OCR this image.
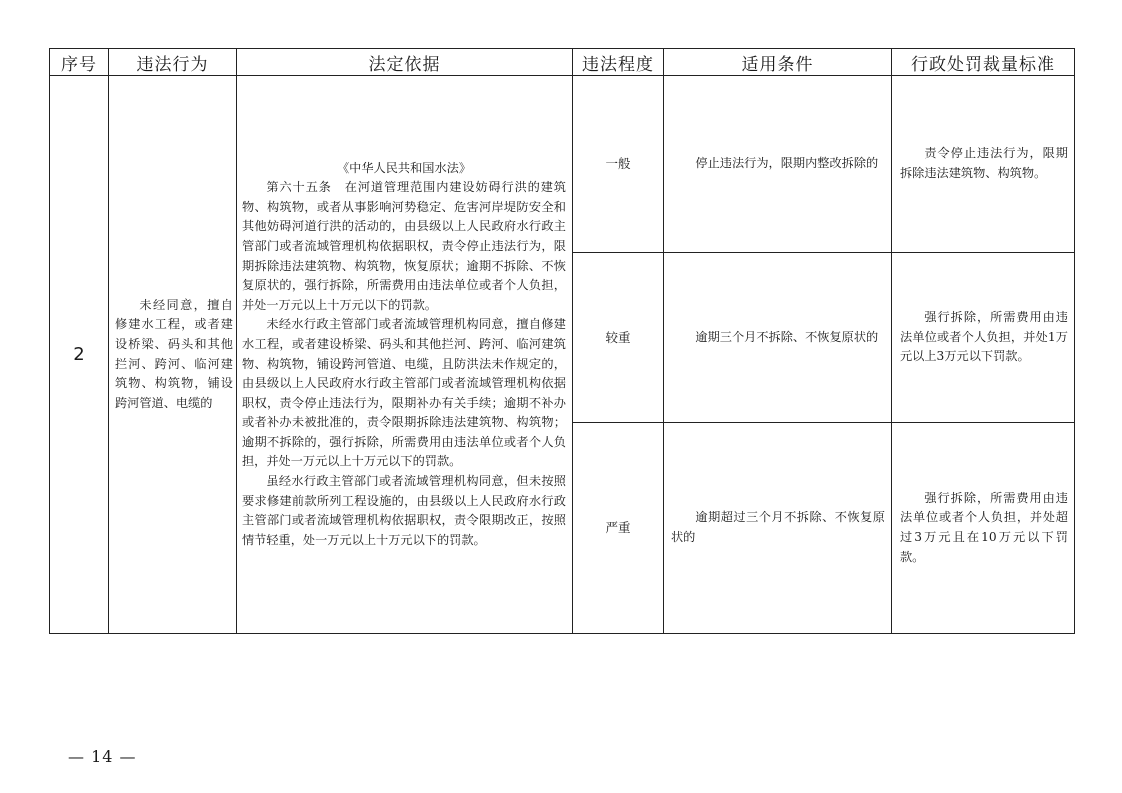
序号	违法行为	法定依据	违法程度	适用条件	行政处罚裁量标准
2	未经同意，擅自修建水工程，或者建设桥梁、码头和其他拦河、跨河、临河建筑物、构筑物，铺设跨河管道、电缆的	《中华人民共和国水法》

第六十五条　在河道管理范围内建设妨碍行洪的建筑物、构筑物，或者从事影响河势稳定、危害河岸堤防安全和其他妨碍河道行洪的活动的，由县级以上人民政府水行政主管部门或者流域管理机构依据职权，责令停止违法行为，限期拆除违法建筑物、构筑物，恢复原状；逾期不拆除、不恢复原状的，强行拆除，所需费用由违法单位或者个人负担，并处一万元以上十万元以下的罚款。

未经水行政主管部门或者流域管理机构同意，擅自修建水工程，或者建设桥梁、码头和其他拦河、跨河、临河建筑物、构筑物，铺设跨河管道、电缆，且防洪法未作规定的，由县级以上人民政府水行政主管部门或者流域管理机构依据职权，责令停止违法行为，限期补办有关手续；逾期不补办或者补办未被批准的，责令限期拆除违法建筑物、构筑物；逾期不拆除的，强行拆除，所需费用由违法单位或者个人负担，并处一万元以上十万元以下的罚款。

虽经水行政主管部门或者流域管理机构同意，但未按照要求修建前款所列工程设施的，由县级以上人民政府水行政主管部门或者流域管理机构依据职权，责令限期改正，按照情节轻重，处一万元以上十万元以下的罚款。	一般	停止违法行为，限期内整改拆除的	责令停止违法行为，限期拆除违法建筑物、构筑物。

			较重	逾期三个月不拆除、不恢复原状的	强行拆除，所需费用由违法单位或者个人负担，并处1万元以上3万元以下罚款。

			严重	逾期超过三个月不拆除、不恢复原状的	强行拆除，所需费用由违法单位或者个人负担，并处超过3万元且在10万元以下罚款。

— 14 —
